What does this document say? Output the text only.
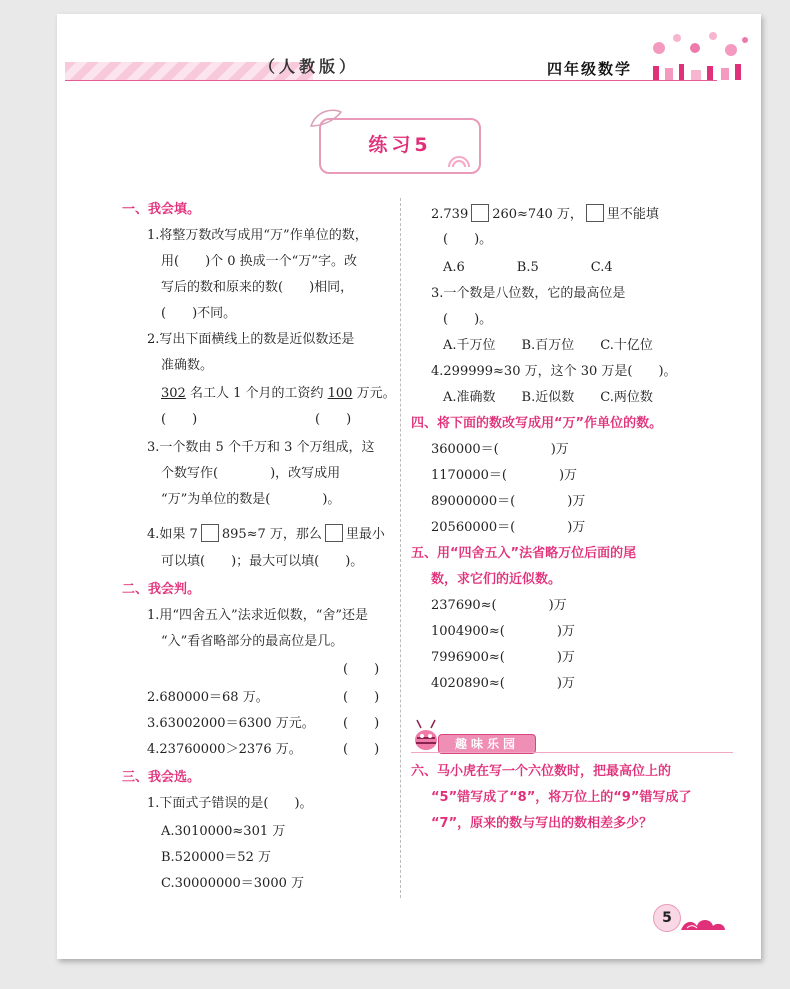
（人教版）	四年级数学
练习5
一、我会填。
1.将整万数改写成用“万”作单位的数，
用(　　)个 0 换成一个“万”字。改
写后的数和原来的数(　　)相同，
(　　)不同。
2.写出下面横线上的数是近似数还是
准确数。
302 名工人 1 个月的工资约 100 万元。
(　　)	(　　)
3.一个数由 5 个千万和 3 个万组成，这
个数写作(　　　　)，改写成用
“万”为单位的数是(　　　　)。
4.如果 7 895≈7 万，那么 里最小
可以填(　　)；最大可以填(　　)。
二、我会判。
1.用“四舍五入”法求近似数，“舍”还是
“入”看省略部分的最高位是几。
(　　)
2.680000＝68 万。	(　　)
3.63002000＝6300 万元。 (　　)
4.23760000＞2376 万。	(　　)
三、我会选。
1.下面式子错误的是(　　)。
A.3010000≈301 万
B.520000＝52 万
C.30000000＝3000 万
2.739 260≈740 万， 里不能填
(　　)。
A.6　　　　B.5　　　　C.4
3.一个数是八位数，它的最高位是
(　　)。
A.千万位　　B.百万位　　C.十亿位
4.299999≈30 万，这个 30 万是(　　)。
A.准确数　　B.近似数　　C.两位数
四、将下面的数改写成用“万”作单位的数。
360000＝(　　　　)万
1170000＝(　　　　)万
89000000＝(　　　　)万
20560000＝(　　　　)万
五、用“四舍五入”法省略万位后面的尾
数，求它们的近似数。
237690≈(　　　　)万
1004900≈(　　　　)万
7996900≈(　　　　)万
4020890≈(　　　　)万
趣味乐园
六、马小虎在写一个六位数时，把最高位上的
“5”错写成了“8”，将万位上的“9”错写成了
“7”，原来的数与写出的数相差多少？
5
